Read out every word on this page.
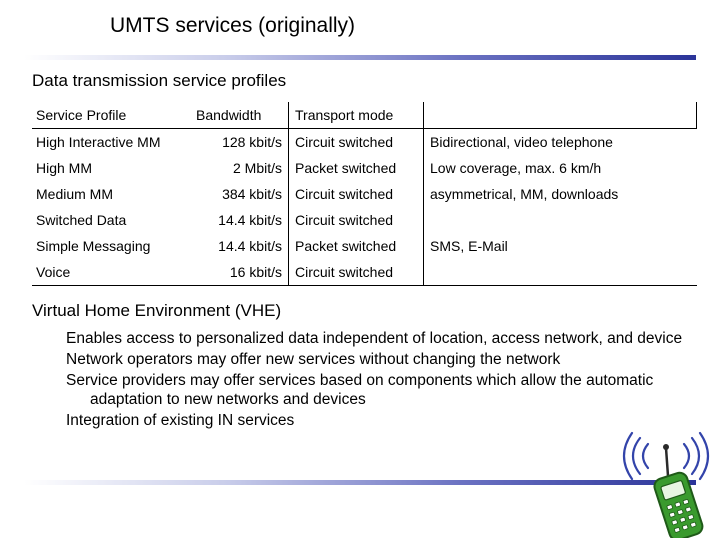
UMTS services (originally)
Data transmission service profiles
Service Profile	Bandwidth	Transport mode	
High Interactive MM	128 kbit/s	Circuit switched	Bidirectional, video telephone
High MM	2 Mbit/s	Packet switched	Low coverage, max. 6 km/h
Medium MM	384 kbit/s	Circuit switched	asymmetrical, MM, downloads
Switched Data	14.4 kbit/s	Circuit switched	
Simple Messaging	14.4 kbit/s	Packet switched	SMS, E-Mail
Voice	16 kbit/s	Circuit switched	
Virtual Home Environment (VHE)
Enables access to personalized data independent of location, access network, and device
Network operators may offer new services without changing the network
Service providers may offer services based on components which allow the automatic adaptation to new networks and devices
Integration of existing IN services
